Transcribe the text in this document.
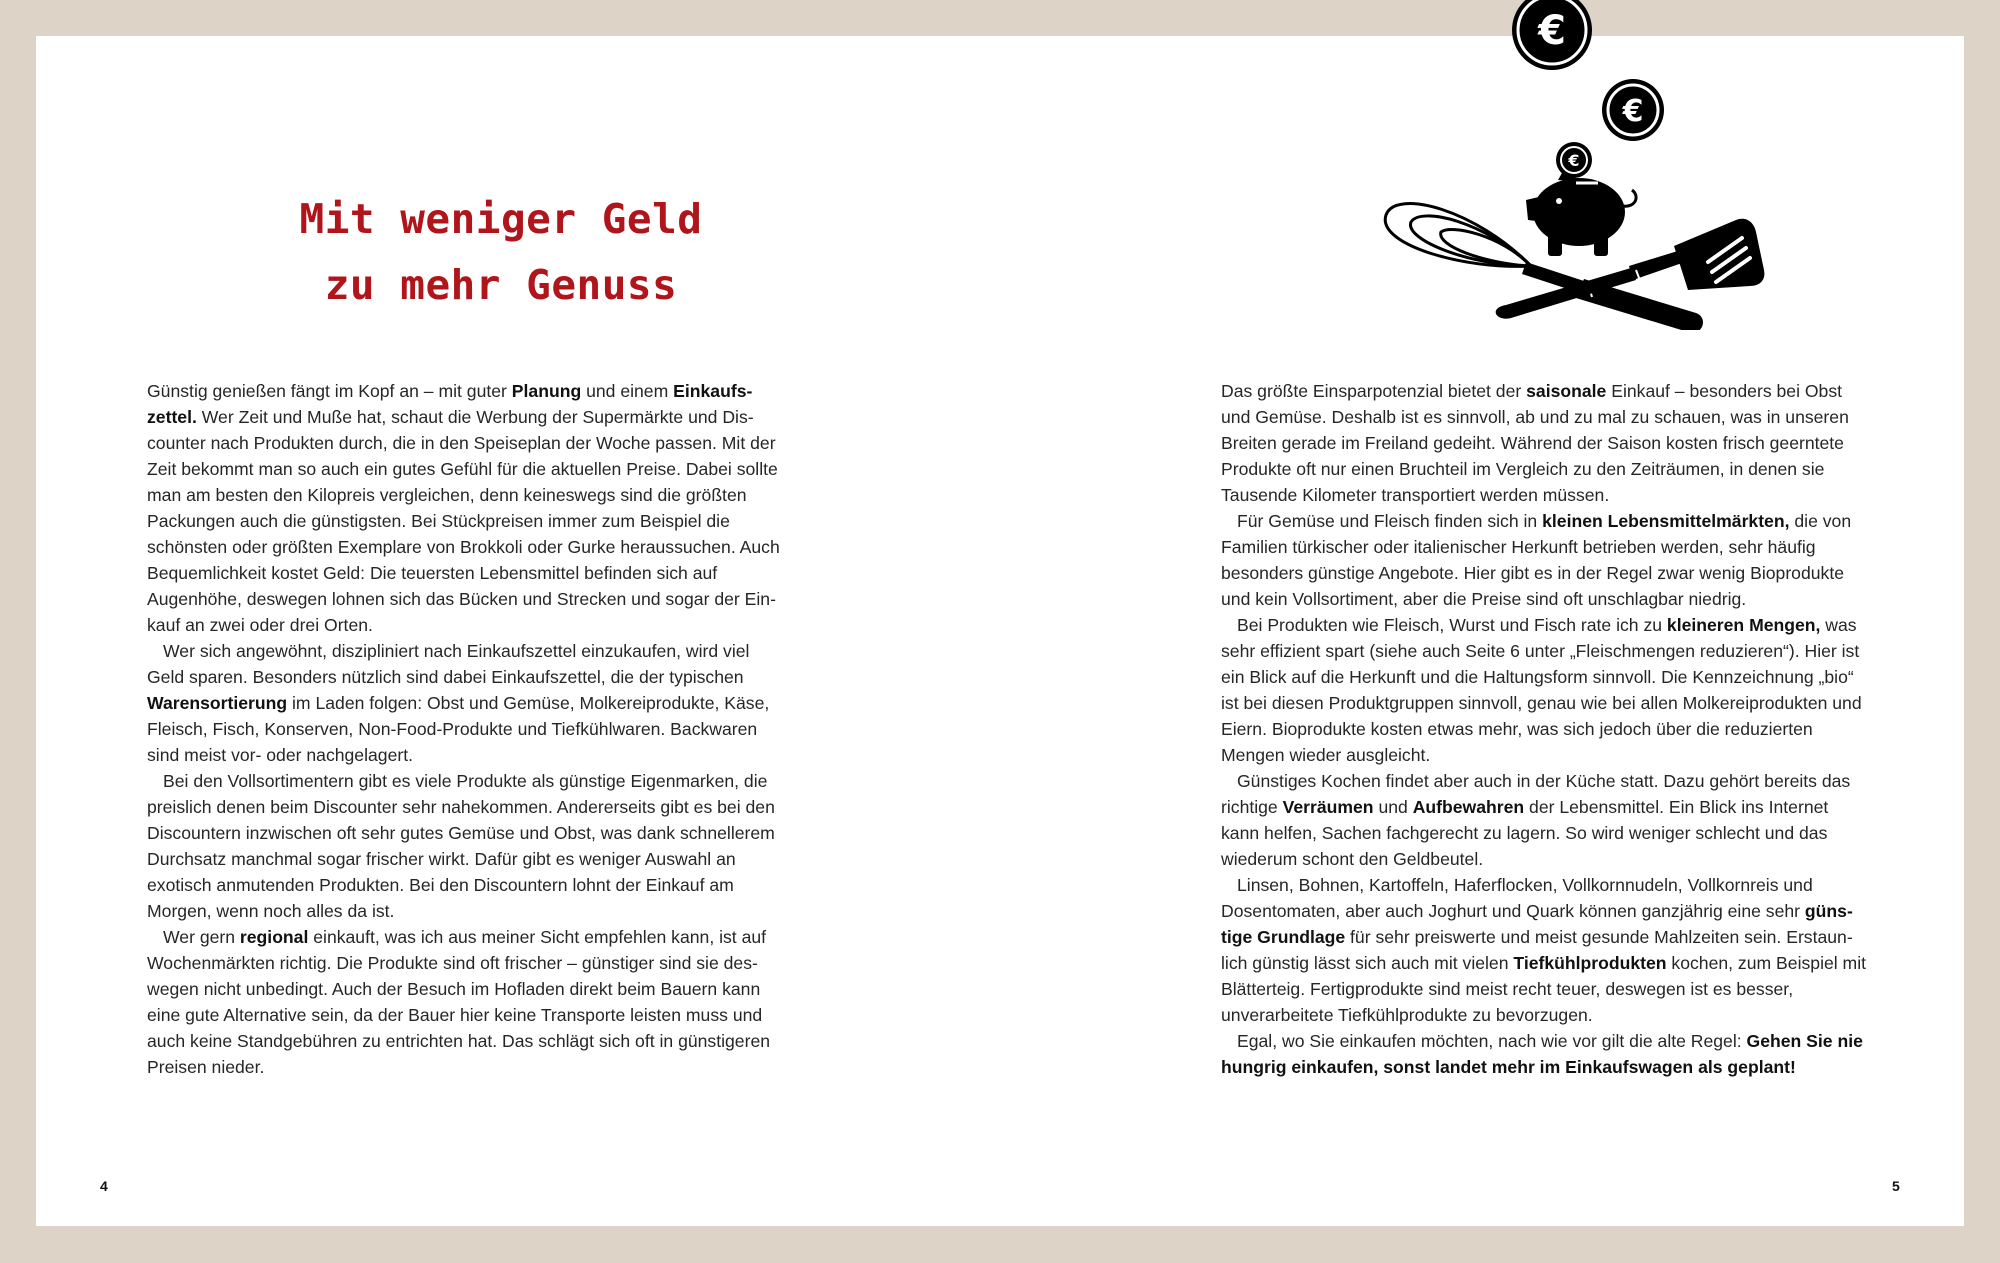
Mit weniger Geld
zu mehr Genuss
€
€
€

Günstig genießen fängt im Kopf an – mit guter Planung und einem Einkaufszettel. Wer Zeit und Muße hat, schaut die Werbung der Supermärkte und Discounter nach Produkten durch, die in den Speiseplan der Woche passen. Mit der Zeit bekommt man so auch ein gutes Gefühl für die aktuellen Preise. Dabei sollte man am besten den Kilopreis vergleichen, denn keineswegs sind die größten Packungen auch die günstigsten. Bei Stückpreisen immer zum Beispiel die schönsten oder größten Exemplare von Brokkoli oder Gurke heraussuchen. Auch Bequemlichkeit kostet Geld: Die teuersten Lebensmittel befinden sich auf Augenhöhe, deswegen lohnen sich das Bücken und Strecken und sogar der Einkauf an zwei oder drei Orten.

Wer sich angewöhnt, diszipliniert nach Einkaufszettel einzukaufen, wird viel Geld sparen. Besonders nützlich sind dabei Einkaufszettel, die der typischen Warensortierung im Laden folgen: Obst und Gemüse, Molkereiprodukte, Käse, Fleisch, Fisch, Konserven, Non-Food-Produkte und Tiefkühlwaren. Backwaren sind meist vor- oder nachgelagert.

Bei den Vollsortimentern gibt es viele Produkte als günstige Eigenmarken, die preislich denen beim Discounter sehr nahekommen. Andererseits gibt es bei den Discountern inzwischen oft sehr gutes Gemüse und Obst, was dank schnellerem Durchsatz manchmal sogar frischer wirkt. Dafür gibt es weniger Auswahl an exotisch anmutenden Produkten. Bei den Discountern lohnt der Einkauf am Morgen, wenn noch alles da ist.

Wer gern regional einkauft, was ich aus meiner Sicht empfehlen kann, ist auf Wochenmärkten richtig. Die Produkte sind oft frischer – günstiger sind sie deswegen nicht unbedingt. Auch der Besuch im Hofladen direkt beim Bauern kann eine gute Alternative sein, da der Bauer hier keine Transporte leisten muss und auch keine Standgebühren zu entrichten hat. Das schlägt sich oft in günstigeren Preisen nieder.

Das größte Einsparpotenzial bietet der saisonale Einkauf – besonders bei Obst und Gemüse. Deshalb ist es sinnvoll, ab und zu mal zu schauen, was in unseren Breiten gerade im Freiland gedeiht. Während der Saison kosten frisch geerntete Produkte oft nur einen Bruchteil im Vergleich zu den Zeiträumen, in denen sie Tausende Kilometer transportiert werden müssen.

Für Gemüse und Fleisch finden sich in kleinen Lebensmittelmärkten, die von Familien türkischer oder italienischer Herkunft betrieben werden, sehr häufig besonders günstige Angebote. Hier gibt es in der Regel zwar wenig Bioprodukte und kein Vollsortiment, aber die Preise sind oft unschlagbar niedrig.

Bei Produkten wie Fleisch, Wurst und Fisch rate ich zu kleineren Mengen, was sehr effizient spart (siehe auch Seite 6 unter „Fleischmengen reduzieren“). Hier ist ein Blick auf die Herkunft und die Haltungsform sinnvoll. Die Kennzeichnung „bio“ ist bei diesen Produktgruppen sinnvoll, genau wie bei allen Molkereiprodukten und Eiern. Bioprodukte kosten etwas mehr, was sich jedoch über die reduzierten Mengen wieder ausgleicht.

Günstiges Kochen findet aber auch in der Küche statt. Dazu gehört bereits das richtige Verräumen und Aufbewahren der Lebensmittel. Ein Blick ins Internet kann helfen, Sachen fachgerecht zu lagern. So wird weniger schlecht und das wiederum schont den Geldbeutel.

Linsen, Bohnen, Kartoffeln, Haferflocken, Vollkornnudeln, Vollkornreis und Dosentomaten, aber auch Joghurt und Quark können ganzjährig eine sehr günstige Grundlage für sehr preiswerte und meist gesunde Mahlzeiten sein. Erstaunlich günstig lässt sich auch mit vielen Tiefkühlprodukten kochen, zum Beispiel mit Blätterteig. Fertigprodukte sind meist recht teuer, deswegen ist es besser, unverarbeitete Tiefkühlprodukte zu bevorzugen.

Egal, wo Sie einkaufen möchten, nach wie vor gilt die alte Regel: Gehen Sie nie hungrig einkaufen, sonst landet mehr im Einkaufswagen als geplant!

4	5
